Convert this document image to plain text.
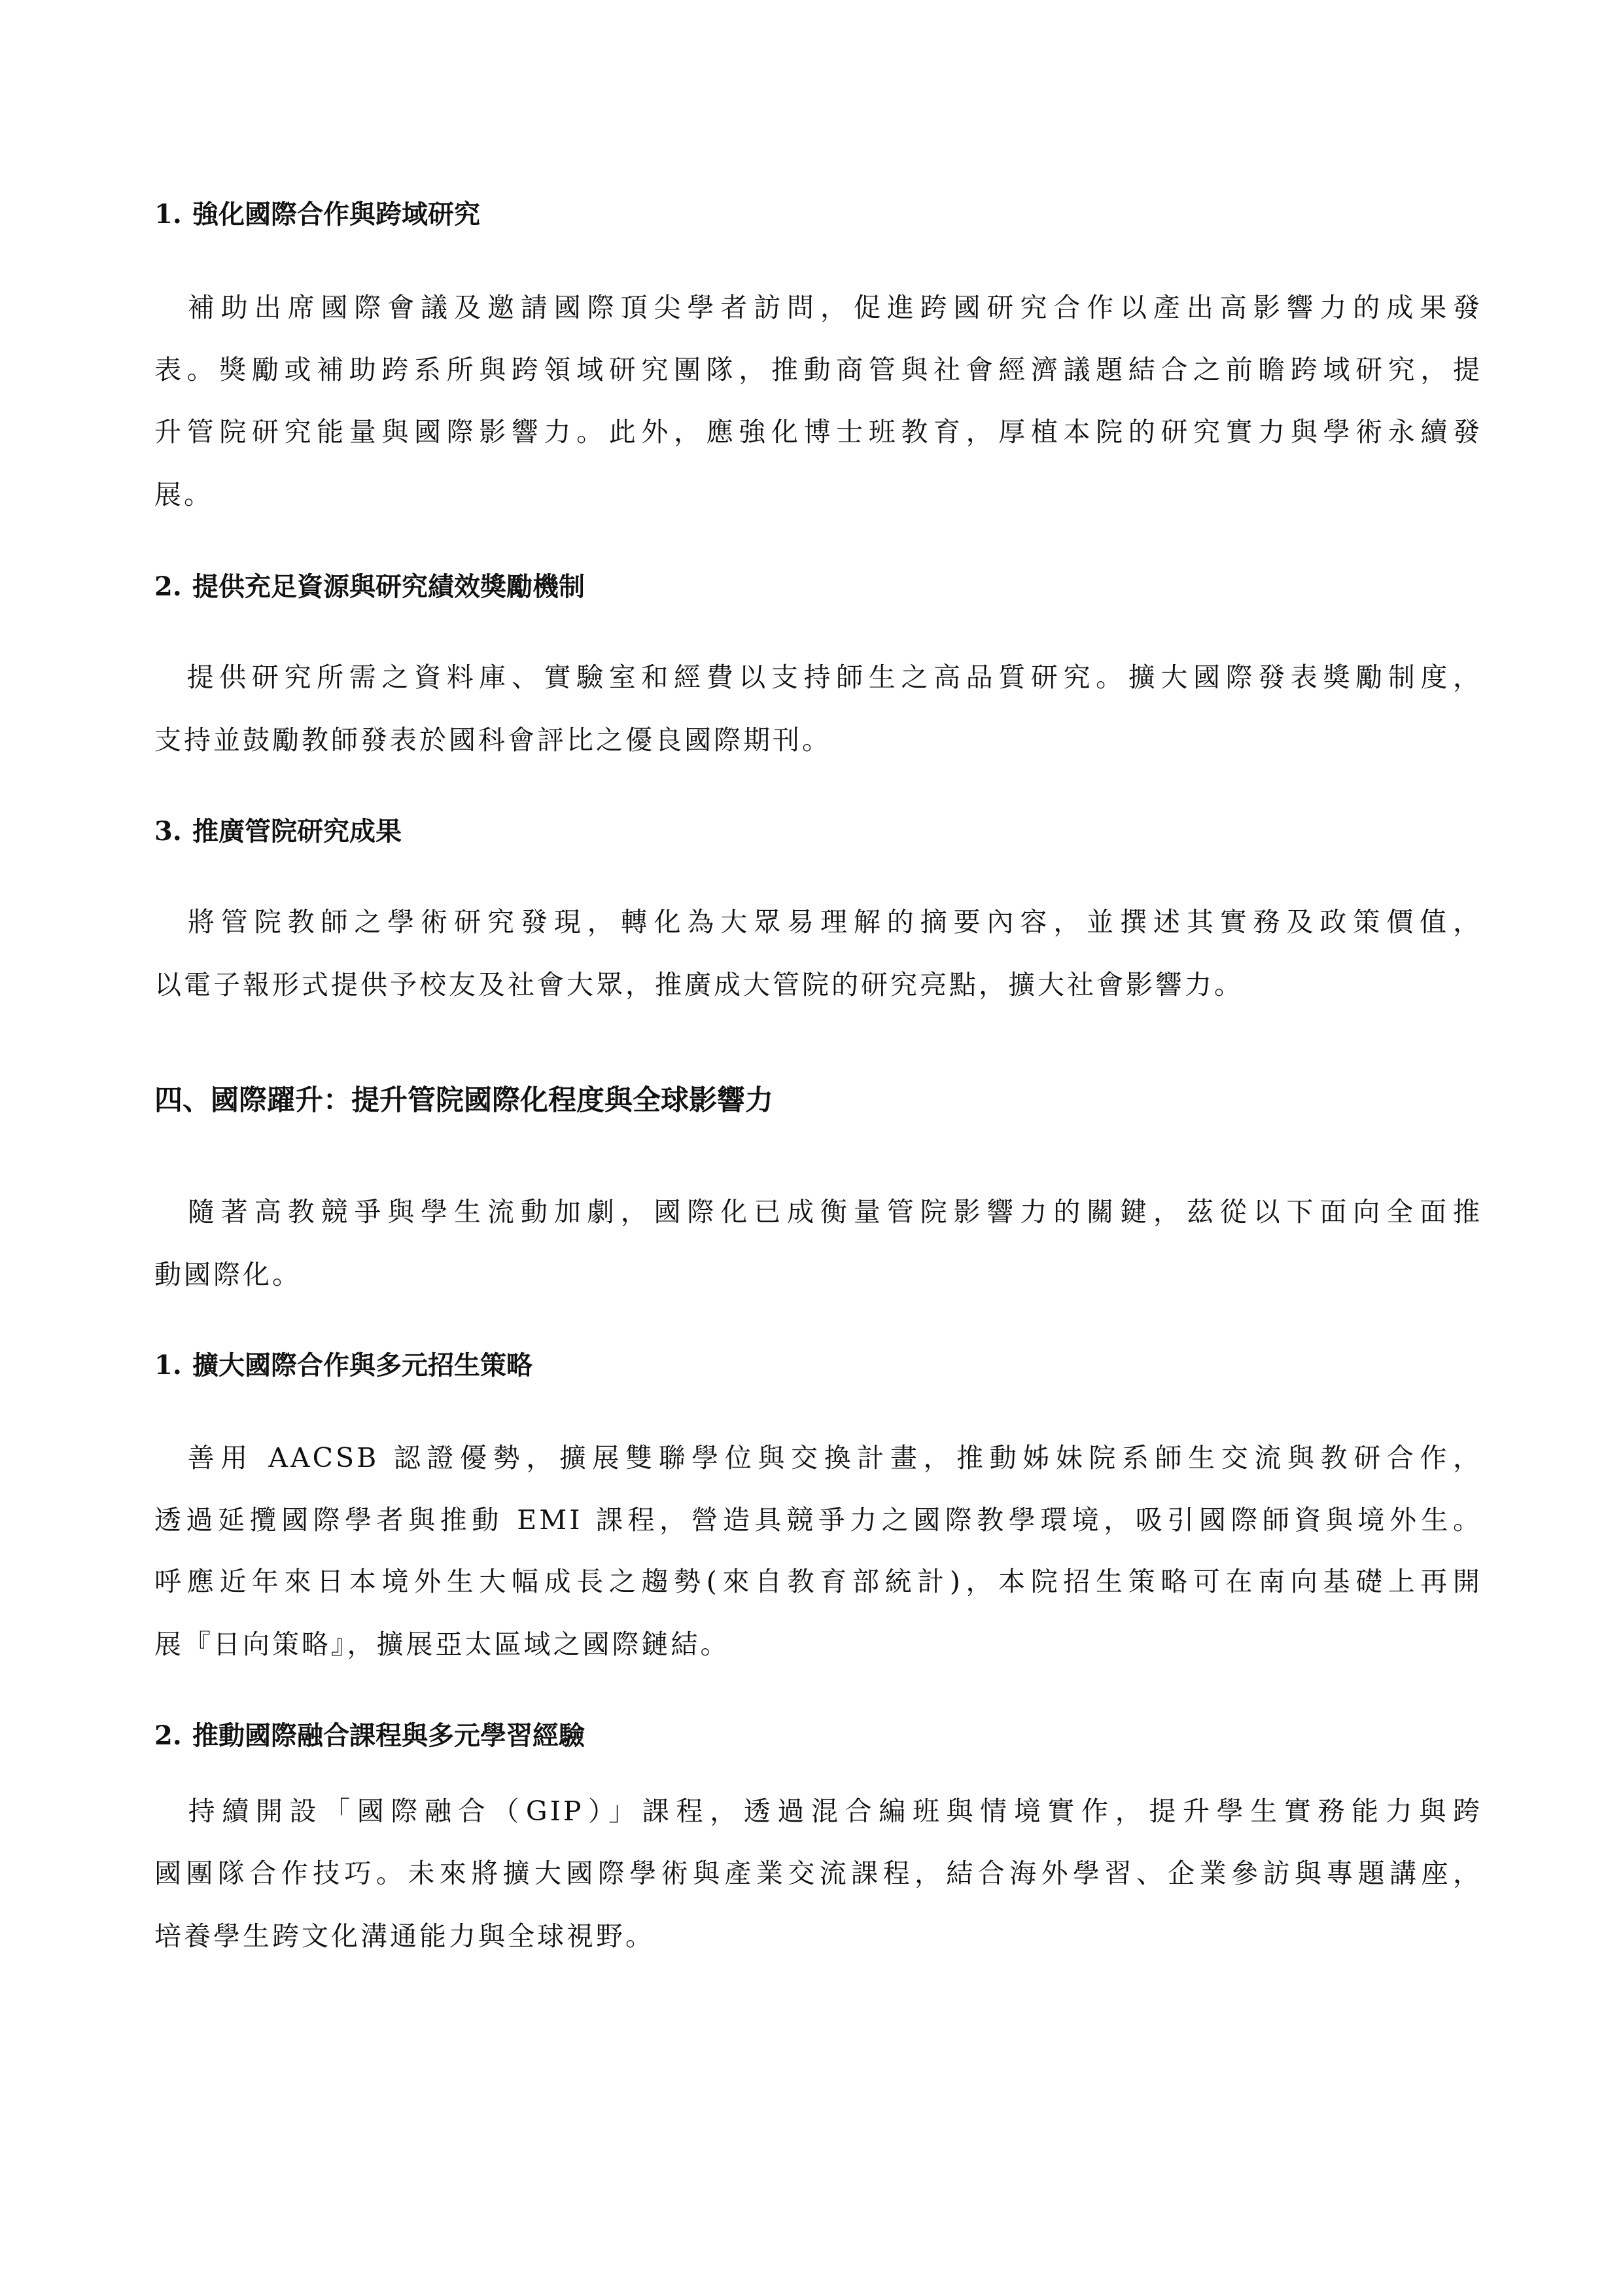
1. 強化國際合作與跨域研究
　補助出席國際會議及邀請國際頂尖學者訪問，促進跨國研究合作以產出高影響力的成果發
表。獎勵或補助跨系所與跨領域研究團隊，推動商管與社會經濟議題結合之前瞻跨域研究，提
升管院研究能量與國際影響力。此外，應強化博士班教育，厚植本院的研究實力與學術永續發
展。
2. 提供充足資源與研究績效獎勵機制
　提供研究所需之資料庫、實驗室和經費以支持師生之高品質研究。擴大國際發表獎勵制度，
支持並鼓勵教師發表於國科會評比之優良國際期刊。
3. 推廣管院研究成果
　將管院教師之學術研究發現，轉化為大眾易理解的摘要內容，並撰述其實務及政策價值，
以電子報形式提供予校友及社會大眾，推廣成大管院的研究亮點，擴大社會影響力。
四、國際躍升：提升管院國際化程度與全球影響力
　隨著高教競爭與學生流動加劇，國際化已成衡量管院影響力的關鍵，茲從以下面向全面推
動國際化。
1. 擴大國際合作與多元招生策略
　善用 AACSB 認證優勢，擴展雙聯學位與交換計畫，推動姊妹院系師生交流與教研合作，
透過延攬國際學者與推動 EMI 課程，營造具競爭力之國際教學環境，吸引國際師資與境外生。
呼應近年來日本境外生大幅成長之趨勢(來自教育部統計)，本院招生策略可在南向基礎上再開
展『日向策略』，擴展亞太區域之國際鏈結。
2. 推動國際融合課程與多元學習經驗
　持續開設「國際融合（GIP）」課程，透過混合編班與情境實作，提升學生實務能力與跨
國團隊合作技巧。未來將擴大國際學術與產業交流課程，結合海外學習、企業參訪與專題講座，
培養學生跨文化溝通能力與全球視野。
